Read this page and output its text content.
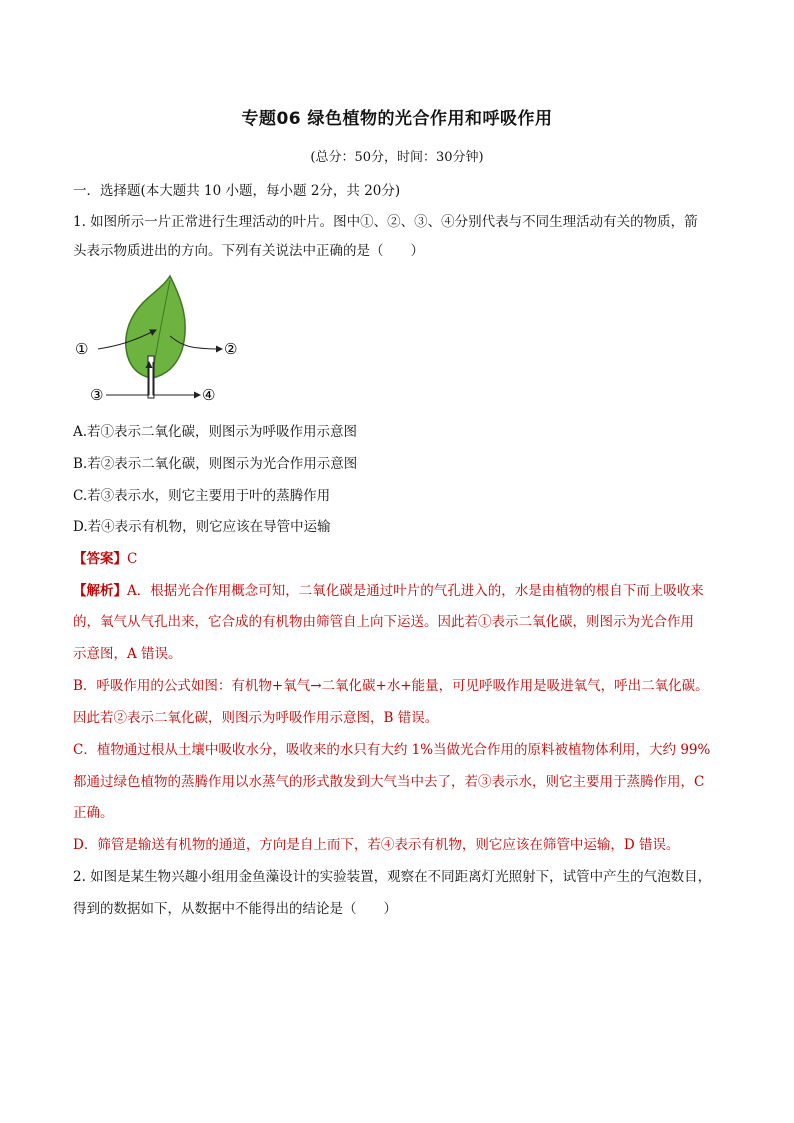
专题06 绿色植物的光合作用和呼吸作用
(总分：50分，时间：30分钟)
一．选择题(本大题共 10 小题，每小题 2分，共 20分)
1. 如图所示一片正常进行生理活动的叶片。图中①、②、③、④分别代表与不同生理活动有关的物质，箭
头表示物质进出的方向。下列有关说法中正确的是（　　）
①	②
③	④
A.若①表示二氧化碳，则图示为呼吸作用示意图
B.若②表示二氧化碳，则图示为光合作用示意图
C.若③表示水，则它主要用于叶的蒸腾作用
D.若④表示有机物，则它应该在导管中运输
【答案】C
【解析】A．根据光合作用概念可知，二氧化碳是通过叶片的气孔进入的，水是由植物的根自下而上吸收来
的，氧气从气孔出来，它合成的有机物由筛管自上向下运送。因此若①表示二氧化碳，则图示为光合作用
示意图，A 错误。
B．呼吸作用的公式如图：有机物+氧气→二氧化碳+水+能量，可见呼吸作用是吸进氧气，呼出二氧化碳。
因此若②表示二氧化碳，则图示为呼吸作用示意图，B 错误。
C．植物通过根从土壤中吸收水分，吸收来的水只有大约 1%当做光合作用的原料被植物体利用，大约 99%
都通过绿色植物的蒸腾作用以水蒸气的形式散发到大气当中去了，若③表示水，则它主要用于蒸腾作用，C
正确。
D．筛管是输送有机物的通道，方向是自上而下，若④表示有机物，则它应该在筛管中运输，D 错误。
2. 如图是某生物兴趣小组用金鱼藻设计的实验装置，观察在不同距离灯光照射下，试管中产生的气泡数目，
得到的数据如下，从数据中不能得出的结论是（　　）
